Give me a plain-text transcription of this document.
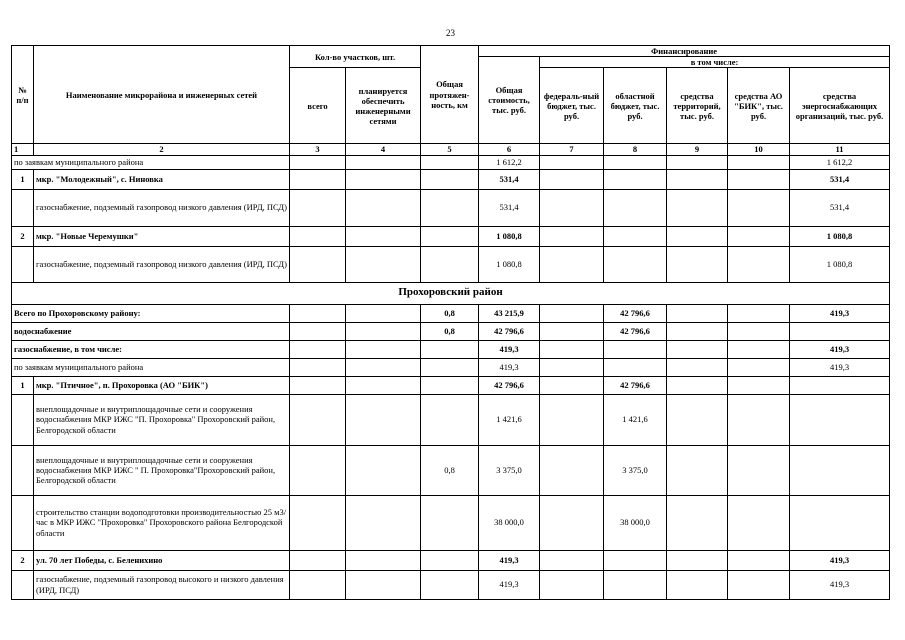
23
№ п/п	Наименование микрорайона и инженерных сетей	Кол-во участков, шт.		Общая протяжен-ность, км	Финансирование					
					Общая стоимость, тыс. руб.	в том числе:				
		всего	планируется обеспечить инженерными сетями			федераль-ный бюджет, тыс. руб.	областной бюджет, тыс. руб.	средства территорий, тыс. руб.	средства АО "БИК", тыс. руб.	средства энергоснабжающих организаций, тыс. руб.
1	2	3	4	5	6	7	8	9	10	11
по заявкам муниципального района					1 612,2					1 612,2
1	мкр. "Молодежный", с. Ниновка				531,4					531,4
	газоснабжение, подземный газопровод низкого давления (ИРД, ПСД)				531,4					531,4
2	мкр. "Новые Черемушки"				1 080,8					1 080,8
	газоснабжение, подземный газопровод низкого давления (ИРД, ПСД)				1 080,8					1 080,8
Прохоровский район										
Всего по Прохоровскому району:				0,8	43 215,9		42 796,6			419,3
водоснабжение				0,8	42 796,6		42 796,6			
газоснабжение, в том числе:					419,3					419,3
по заявкам муниципального района					419,3					419,3
1	мкр. "Птичное", п. Прохоровка (АО "БИК")				42 796,6		42 796,6			
	внеплощадочные и внутриплощадочные сети и сооружения водоснабжения МКР ИЖС "П. Прохоровка" Прохоровский район, Белгородской области				1 421,6		1 421,6			
	внеплощадочные и внутриплощадочные сети и сооружения водоснабжения МКР ИЖС " П. Прохоровка"Прохоровский район, Белгородской области			0,8	3 375,0		3 375,0			
	строительство станции водоподготовки производительностью 25 м3/час в МКР ИЖС "Прохоровка" Прохоровского района Белгородской области				38 000,0		38 000,0			
2	ул. 70 лет Победы, с. Беленихино				419,3					419,3
	газоснабжение, подземный газопровод высокого и низкого давления (ИРД, ПСД)				419,3					419,3
